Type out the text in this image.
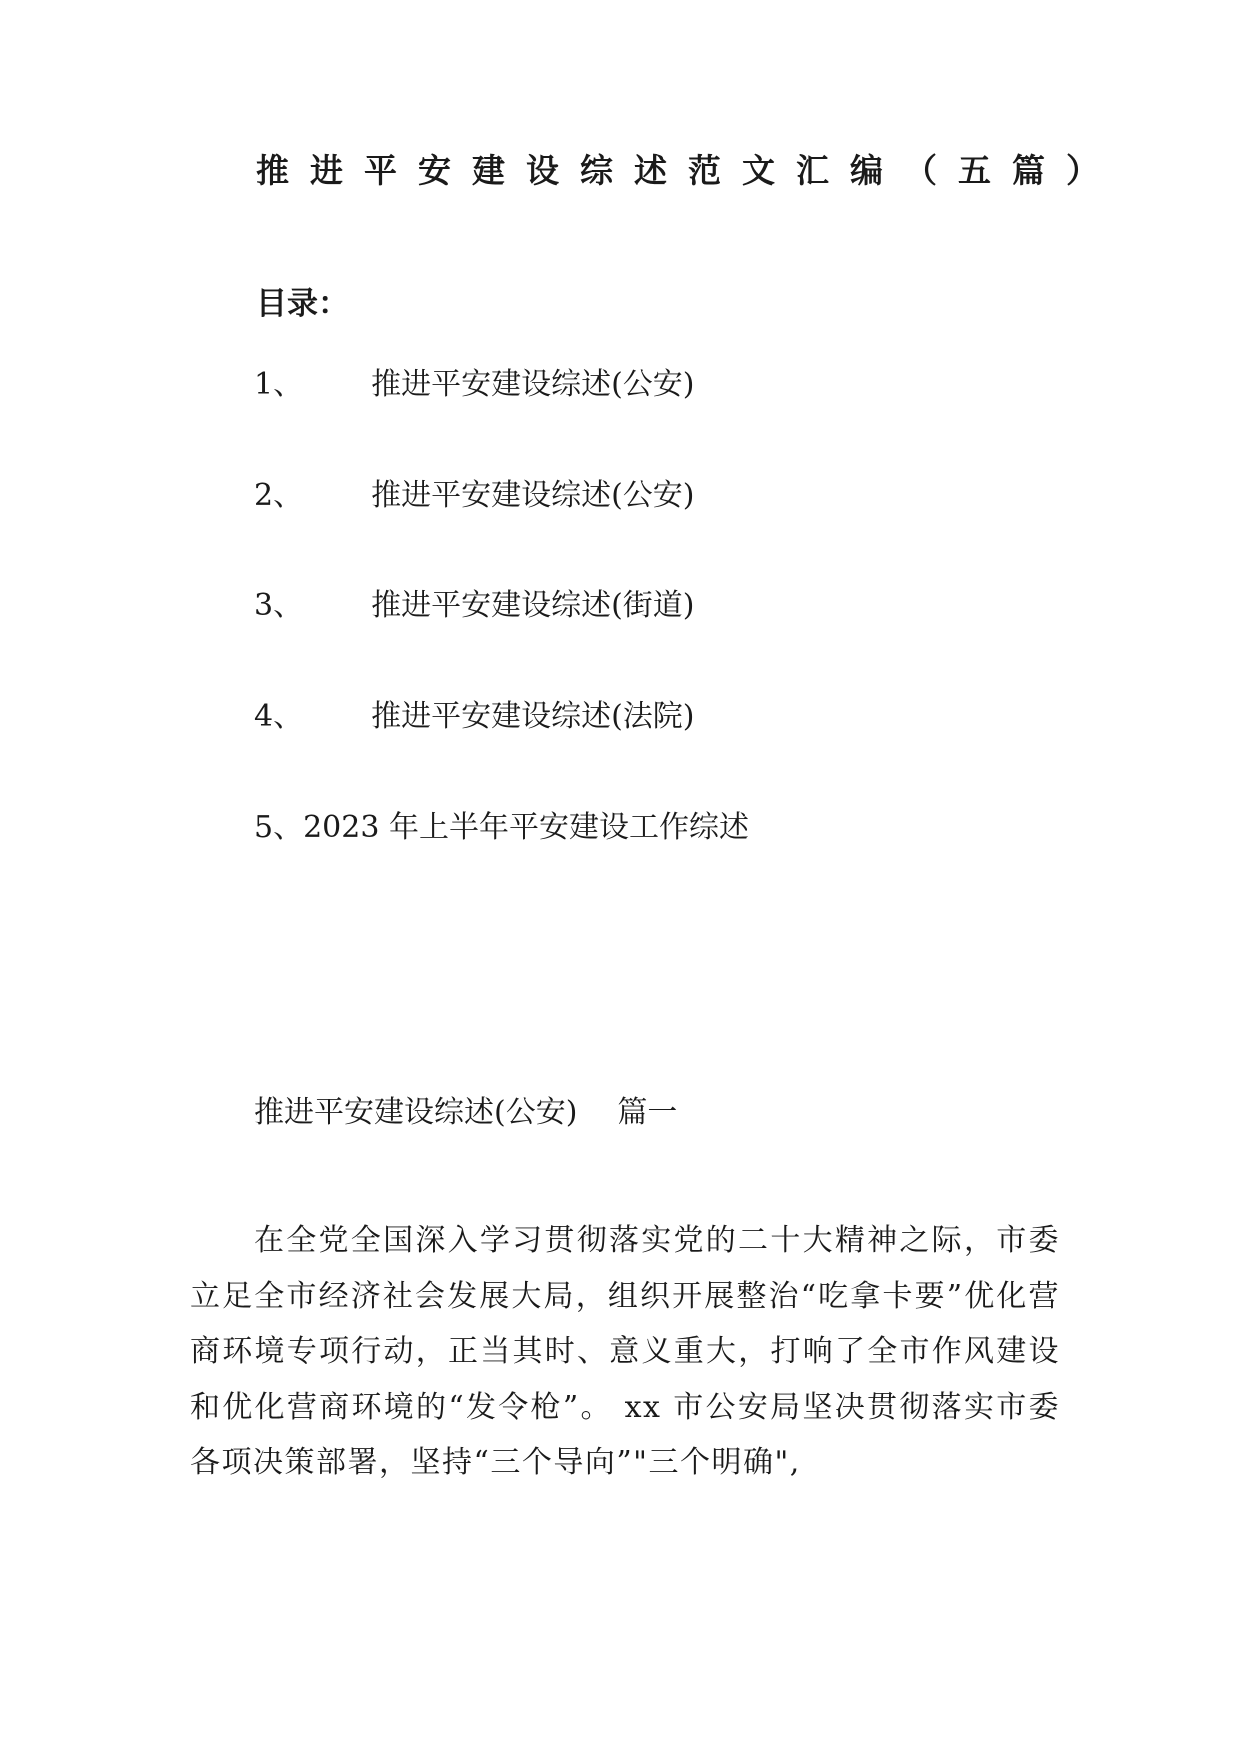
推进平安建设综述范文汇编（五篇）
目录：
1、 推进平安建设综述(公安)
2、 推进平安建设综述(公安)
3、 推进平安建设综述(街道)
4、 推进平安建设综述(法院)
5、2023 年上半年平安建设工作综述
推进平安建设综述(公安) 篇一
在全党全国深入学习贯彻落实党的二十大精神之际，市委立足全市经济社会发展大局，组织开展整治“吃拿卡要”优化营商环境专项行动，正当其时、意义重大，打响了全市作风建设和优化营商环境的“发令枪”。 xx 市公安局坚决贯彻落实市委各项决策部署，坚持“三个导向”"三个明确",
